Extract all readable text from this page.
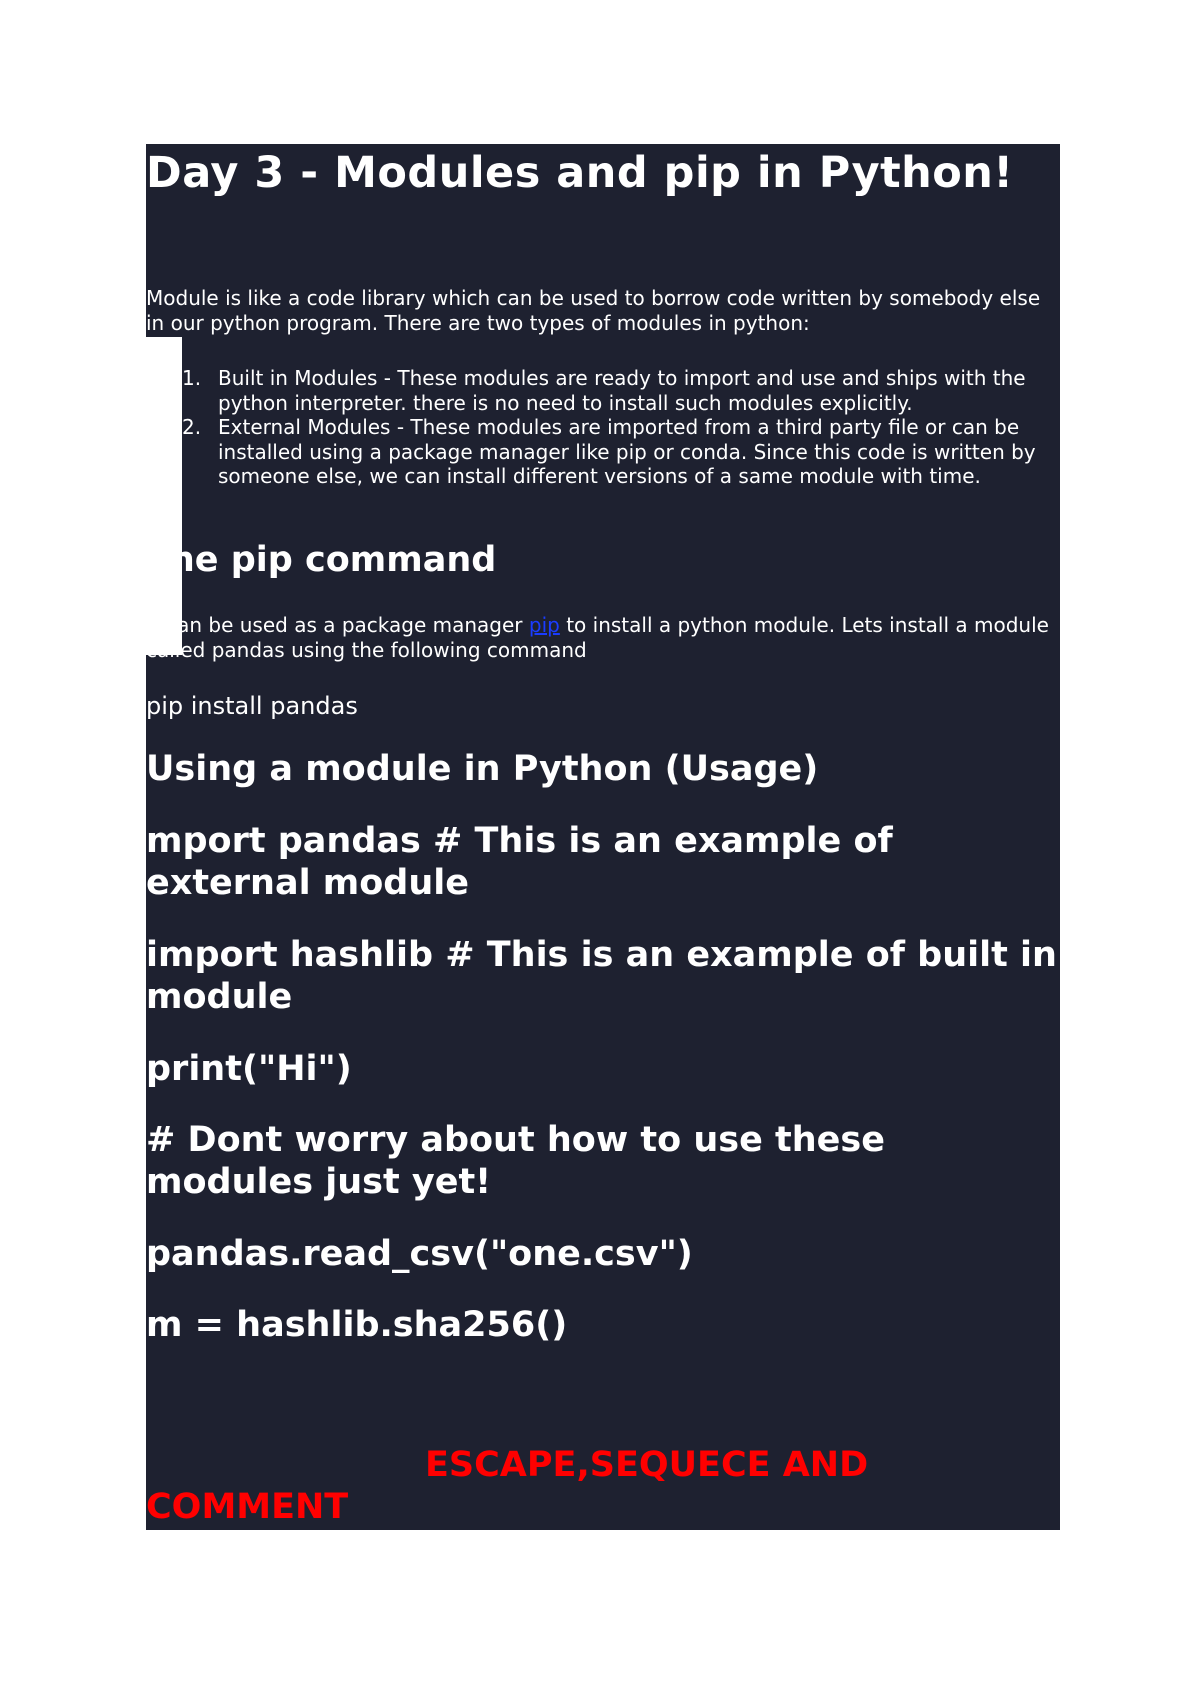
Day 3 - Modules and pip in Python!

Module is like a code library which can be used to borrow code written by somebody else in our python program. There are two types of modules in python:

1. Built in Modules - These modules are ready to import and use and ships with the python interpreter. there is no need to install such modules explicitly.
2. External Modules - These modules are imported from a third party file or can be installed using a package manager like pip or conda. Since this code is written by someone else, we can install different versions of a same module with time.
The pip command

It can be used as a package manager pip to install a python module. Lets install a module called pandas using the following command

pip install pandas

Using a module in Python (Usage)

mport pandas # This is an example of external module

import hashlib # This is an example of built in module

print("Hi")

# Dont worry about how to use these modules just yet!

pandas.read_csv("one.csv")

m = hashlib.sha256()

ESCAPE,SEQUECE AND
COMMENT
